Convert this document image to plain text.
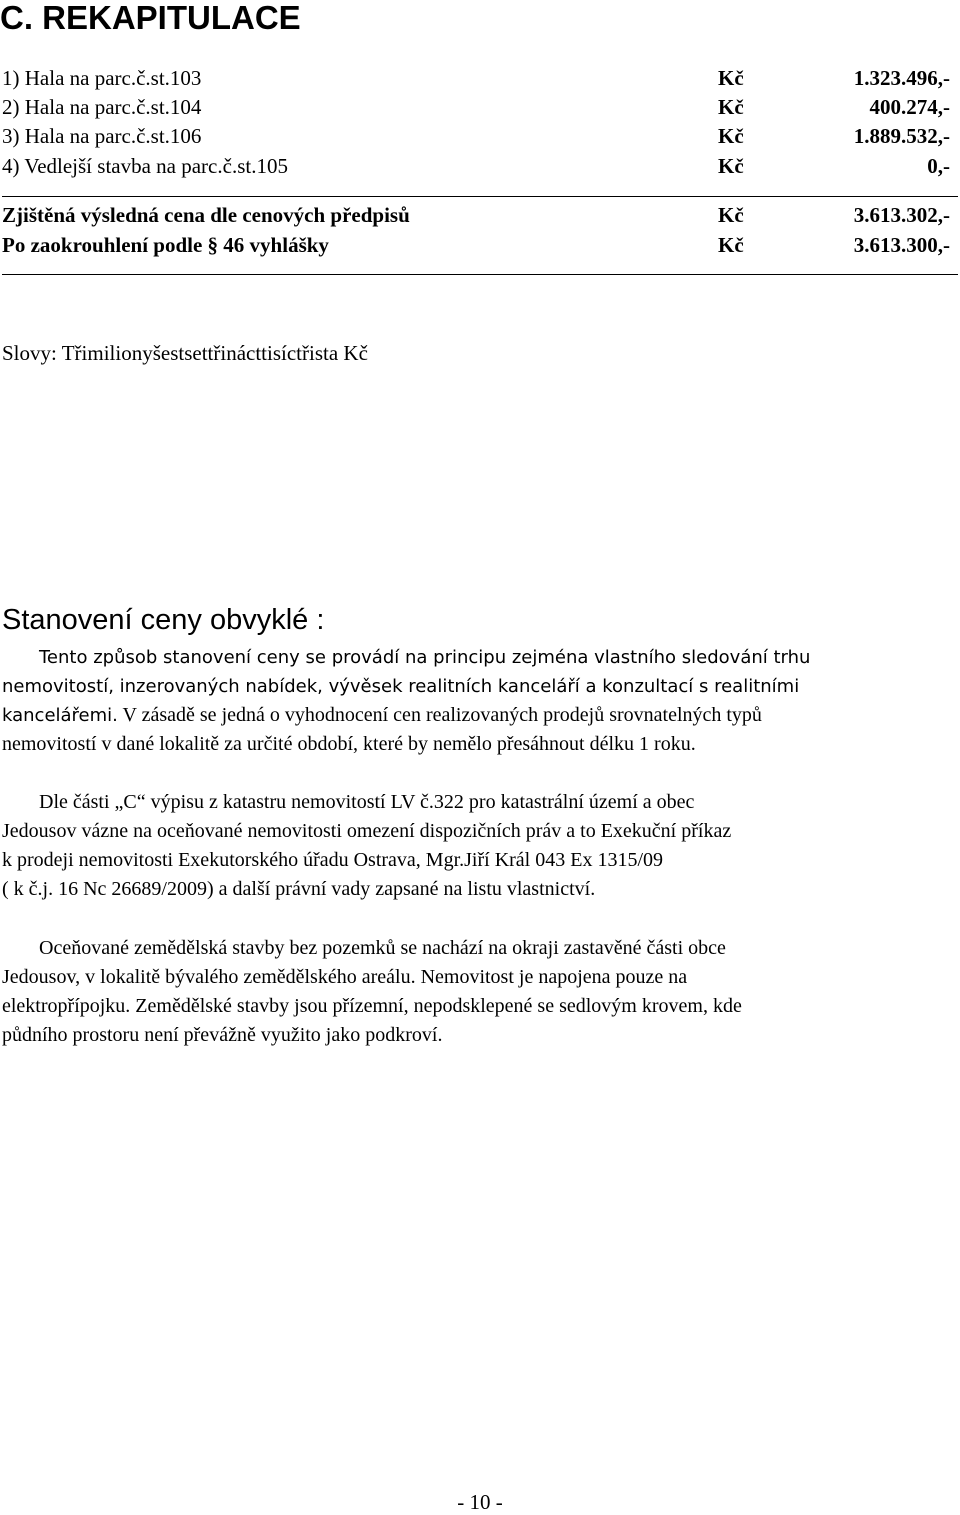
C. REKAPITULACE
1) Hala na parc.č.st.103	Kč	1.323.496,-
2) Hala na parc.č.st.104	Kč	400.274,-
3) Hala na parc.č.st.106	Kč	1.889.532,-
4) Vedlejší stavba na parc.č.st.105	Kč	0,-
Zjištěná výsledná cena dle cenových předpisů	Kč	3.613.302,-
Po zaokrouhlení podle § 46 vyhlášky	Kč	3.613.300,-
Slovy: Třimilionyšestsettřinácttisíctřista Kč
Stanovení ceny obvyklé :
Tento způsob stanovení ceny se provádí na principu zejména vlastního sledování trhu
nemovitostí, inzerovaných nabídek, vývěsek realitních kanceláří a konzultací s realitními
kancelářemi. V zásadě se jedná o vyhodnocení cen realizovaných prodejů srovnatelných typů
nemovitostí v dané lokalitě za určité období, které by nemělo přesáhnout délku 1 roku.
Dle části „C“ výpisu z katastru nemovitostí LV č.322 pro katastrální území a obec
Jedousov vázne na oceňované nemovitosti omezení dispozičních práv a to Exekuční příkaz
k prodeji nemovitosti Exekutorského úřadu Ostrava, Mgr.Jiří Král 043 Ex 1315/09
( k č.j. 16 Nc 26689/2009) a další právní vady zapsané na listu vlastnictví.
Oceňované zemědělská stavby bez pozemků se nachází na okraji zastavěné části obce
Jedousov, v lokalitě bývalého zemědělského areálu. Nemovitost je napojena pouze na
elektropřípojku. Zemědělské stavby jsou přízemní, nepodsklepené se sedlovým krovem, kde
půdního prostoru není převážně využito jako podkroví.
- 10 -
